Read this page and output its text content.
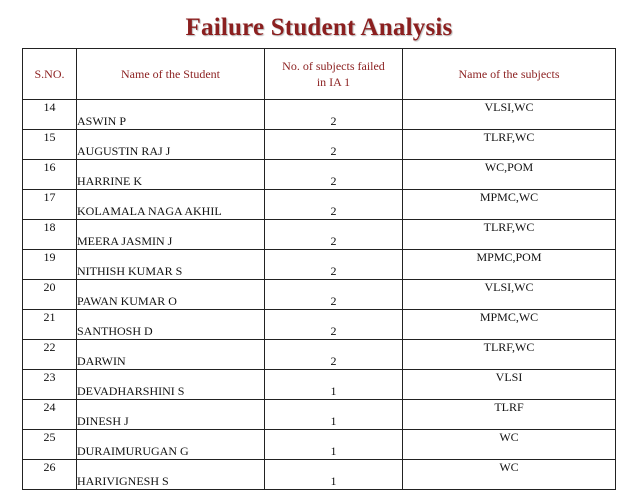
Failure Student Analysis
S.NO.	Name of the Student	No. of subjects failed in IA 1	Name of the subjects
14	ASWIN P	2	VLSI,WC
15	AUGUSTIN RAJ J	2	TLRF,WC
16	HARRINE K	2	WC,POM
17	KOLAMALA NAGA AKHIL	2	MPMC,WC
18	MEERA JASMIN J	2	TLRF,WC
19	NITHISH KUMAR S	2	MPMC,POM
20	PAWAN KUMAR O	2	VLSI,WC
21	SANTHOSH D	2	MPMC,WC
22	DARWIN	2	TLRF,WC
23	DEVADHARSHINI S	1	VLSI
24	DINESH J	1	TLRF
25	DURAIMURUGAN G	1	WC
26	HARIVIGNESH S	1	WC
